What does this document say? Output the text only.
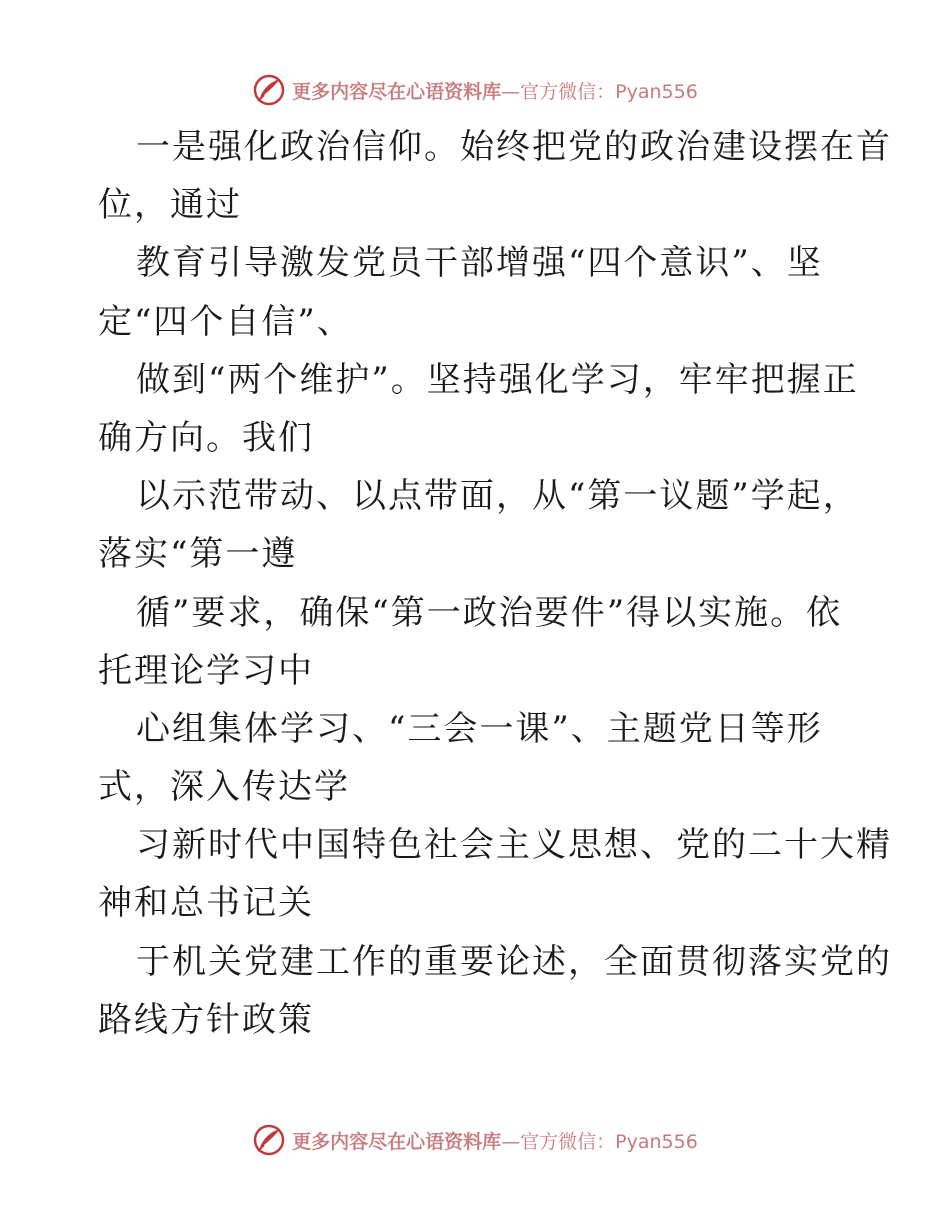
更多内容尽在心语资料库—官方微信：Pyan556
一是强化政治信仰。始终把党的政治建设摆在首
位，通过
教育引导激发党员干部增强“四个意识”、坚
定“四个自信”、
做到“两个维护”。坚持强化学习，牢牢把握正
确方向。我们
以示范带动、以点带面，从“第一议题”学起，
落实“第一遵
循”要求，确保“第一政治要件”得以实施。依
托理论学习中
心组集体学习、“三会一课”、主题党日等形
式，深入传达学
习新时代中国特色社会主义思想、党的二十大精
神和总书记关
于机关党建工作的重要论述，全面贯彻落实党的
路线方针政策
更多内容尽在心语资料库—官方微信：Pyan556
